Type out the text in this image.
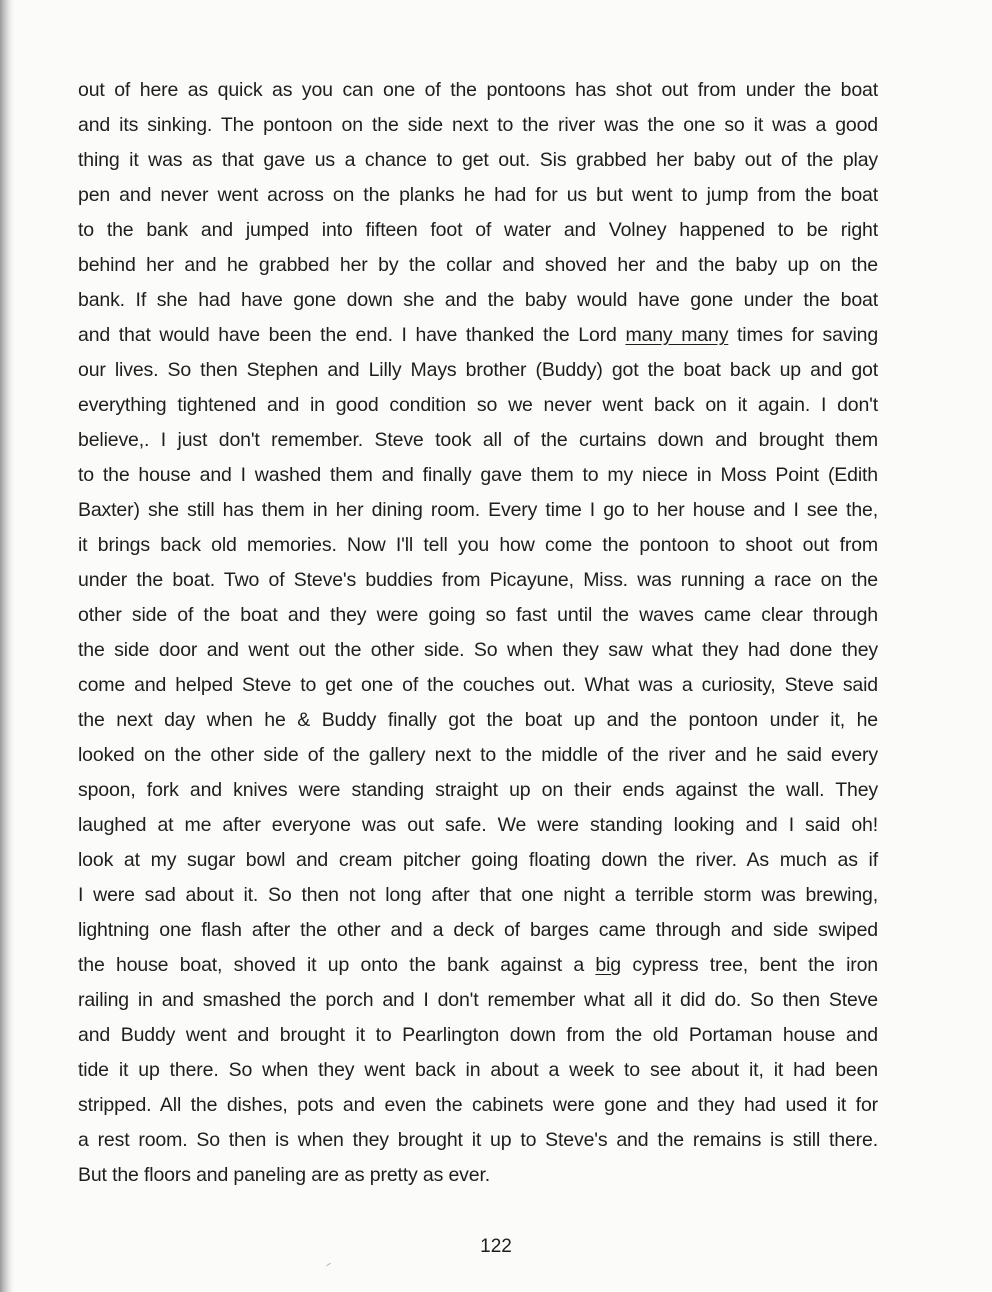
out of here as quick as you can one of the pontoons has shot out from under the boat
and its sinking. The pontoon on the side next to the river was the one so it was a good
thing it was as that gave us a chance to get out. Sis grabbed her baby out of the play
pen and never went across on the planks he had for us but went to jump from the boat
to the bank and jumped into fifteen foot of water and Volney happened to be right
behind her and he grabbed her by the collar and shoved her and the baby up on the
bank. If she had have gone down she and the baby would have gone under the boat
and that would have been the end. I have thanked the Lord many many times for saving
our lives. So then Stephen and Lilly Mays brother (Buddy) got the boat back up and got
everything tightened and in good condition so we never went back on it again. I don't
believe,. I just don't remember. Steve took all of the curtains down and brought them
to the house and I washed them and finally gave them to my niece in Moss Point (Edith
Baxter) she still has them in her dining room. Every time I go to her house and I see the,
it brings back old memories. Now I'll tell you how come the pontoon to shoot out from
under the boat. Two of Steve's buddies from Picayune, Miss. was running a race on the
other side of the boat and they were going so fast until the waves came clear through
the side door and went out the other side. So when they saw what they had done they
come and helped Steve to get one of the couches out. What was a curiosity, Steve said
the next day when he & Buddy finally got the boat up and the pontoon under it, he
looked on the other side of the gallery next to the middle of the river and he said every
spoon, fork and knives were standing straight up on their ends against the wall. They
laughed at me after everyone was out safe. We were standing looking and I said oh!
look at my sugar bowl and cream pitcher going floating down the river. As much as if
I were sad about it. So then not long after that one night a terrible storm was brewing,
lightning one flash after the other and a deck of barges came through and side swiped
the house boat, shoved it up onto the bank against a big cypress tree, bent the iron
railing in and smashed the porch and I don't remember what all it did do. So then Steve
and Buddy went and brought it to Pearlington down from the old Portaman house and
tide it up there. So when they went back in about a week to see about it, it had been
stripped. All the dishes, pots and even the cabinets were gone and they had used it for
a rest room. So then is when they brought it up to Steve's and the remains is still there.
But the floors and paneling are as pretty as ever.
122
